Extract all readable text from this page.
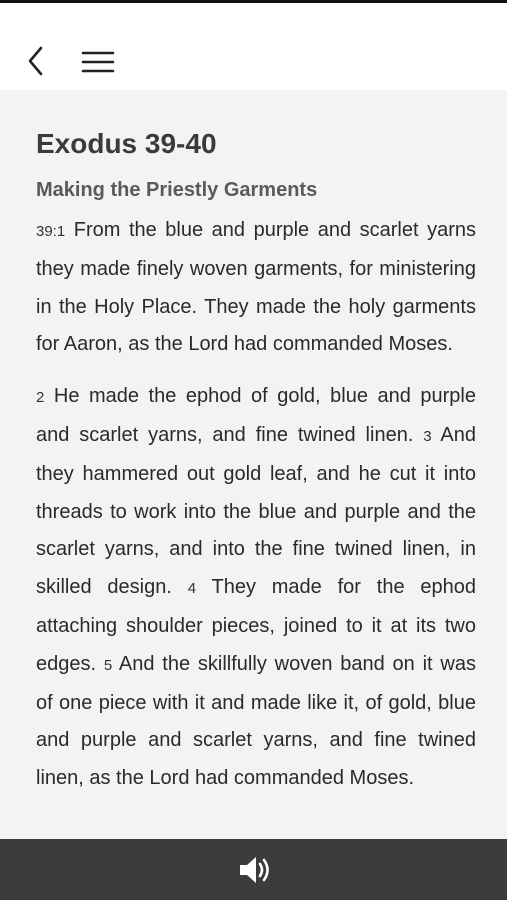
Exodus 39-40
Making the Priestly Garments

39:1 From the blue and purple and scarlet yarns they made finely woven garments, for ministering in the Holy Place. They made the holy garments for Aaron, as the Lord had commanded Moses.

2 He made the ephod of gold, blue and purple and scarlet yarns, and fine twined linen. 3 And they hammered out gold leaf, and he cut it into threads to work into the blue and purple and the scarlet yarns, and into the fine twined linen, in skilled design. 4 They made for the ephod attaching shoulder pieces, joined to it at its two edges. 5 And the skillfully woven band on it was of one piece with it and made like it, of gold, blue and purple and scarlet yarns, and fine twined linen, as the Lord had commanded Moses.
